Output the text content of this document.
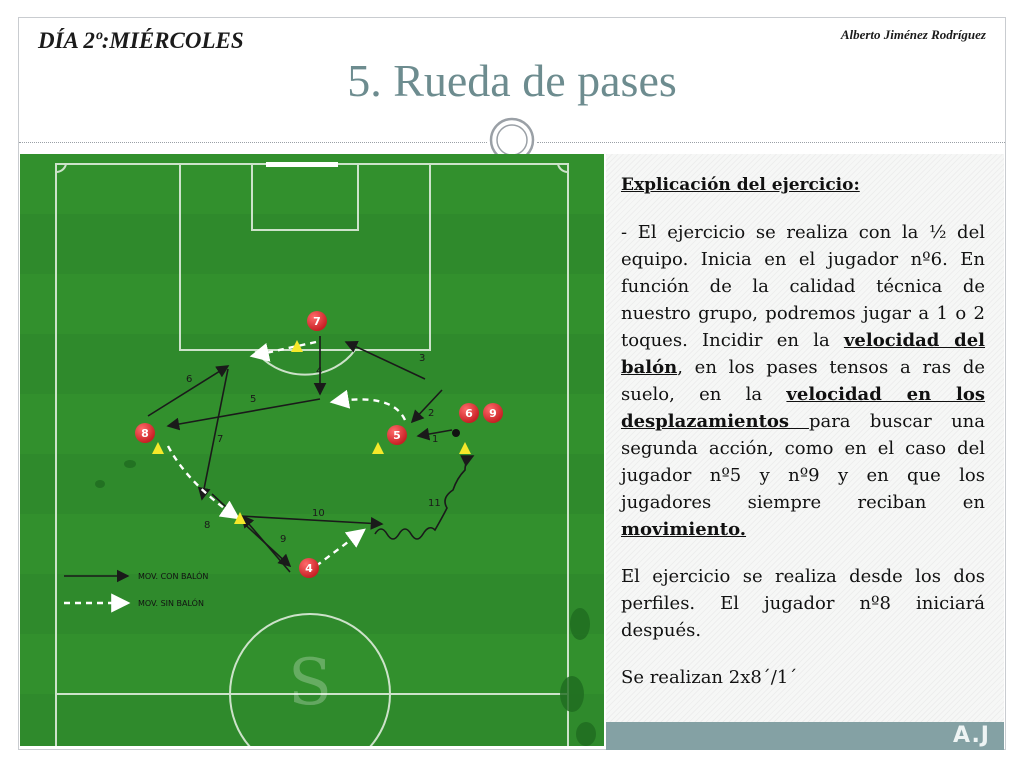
DÍA 2º:MIÉRCOLES	Alberto Jiménez Rodríguez
5. Rueda de pases
S
3
4
5
6
7
8
9
10
11
1
2
7
8	5
6 9
4
MOV. CON BALÓN
MOV. SIN BALÓN

Explicación del ejercicio:

- El ejercicio se realiza con la ½ del equipo. Inicia en el jugador nº6. En función de la calidad técnica de nuestro grupo, podremos jugar a 1 o 2 toques. Incidir en la velocidad del balón, en los pases tensos a ras de suelo, en la velocidad en los desplazamientos para buscar una segunda acción, como en el caso del jugador nº5 y nº9 y en que los jugadores siempre reciban en movimiento.

El ejercicio se realiza desde los dos perfiles. El jugador nº8 iniciará después.

Se realizan 2x8´/1´

A.J
